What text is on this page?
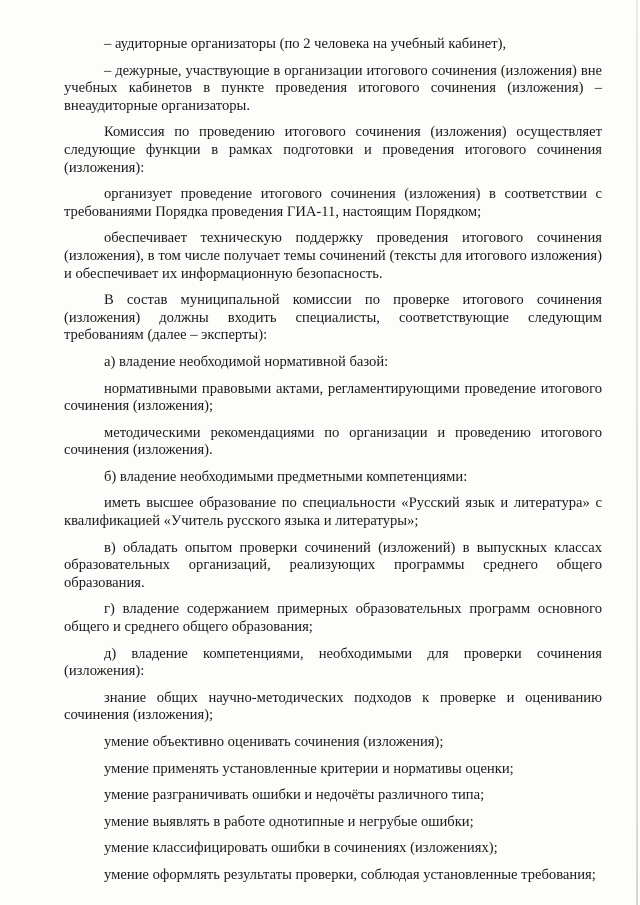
– аудиторные организаторы (по 2 человека на учебный кабинет),

– дежурные, участвующие в организации итогового сочинения (изложения) вне учебных кабинетов в пункте проведения итогового сочинения (изложения) – внеаудиторные организаторы.

Комиссия по проведению итогового сочинения (изложения) осуществляет следующие функции в рамках подготовки и проведения итогового сочинения (изложения):

организует проведение итогового сочинения (изложения) в соответствии с требованиями Порядка проведения ГИА-11, настоящим Порядком;

обеспечивает техническую поддержку проведения итогового сочинения (изложения), в том числе получает темы сочинений (тексты для итогового изложения) и обеспечивает их информационную безопасность.

В состав муниципальной комиссии по проверке итогового сочинения (изложения) должны входить специалисты, соответствующие следующим требованиям (далее – эксперты):

а) владение необходимой нормативной базой:

нормативными правовыми актами, регламентирующими проведение итогового сочинения (изложения);

методическими рекомендациями по организации и проведению итогового сочинения (изложения).

б) владение необходимыми предметными компетенциями:

иметь высшее образование по специальности «Русский язык и литература» с квалификацией «Учитель русского языка и литературы»;

в) обладать опытом проверки сочинений (изложений) в выпускных классах образовательных организаций, реализующих программы среднего общего образования.

г) владение содержанием примерных образовательных программ основного общего и среднего общего образования;

д) владение компетенциями, необходимыми для проверки сочинения (изложения):

знание общих научно-методических подходов к проверке и оцениванию сочинения (изложения);

умение объективно оценивать сочинения (изложения);

умение применять установленные критерии и нормативы оценки;

умение разграничивать ошибки и недочёты различного типа;

умение выявлять в работе однотипные и негрубые ошибки;

умение классифицировать ошибки в сочинениях (изложениях);

умение оформлять результаты проверки, соблюдая установленные требования;
